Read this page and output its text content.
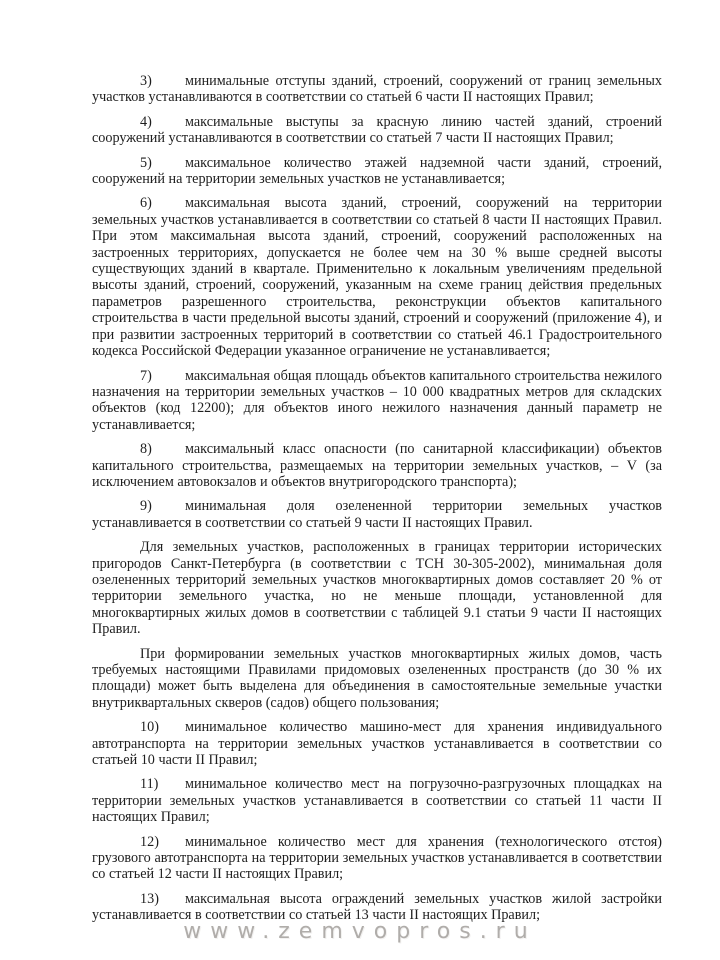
3) минимальные отступы зданий, строений, сооружений от границ земельных участков устанавливаются в соответствии со статьей 6 части II настоящих Правил;

4) максимальные выступы за красную линию частей зданий, строений сооружений устанавливаются в соответствии со статьей 7 части II настоящих Правил;

5) максимальное количество этажей надземной части зданий, строений, сооружений на территории земельных участков не устанавливается;

6) максимальная высота зданий, строений, сооружений на территории земельных участков устанавливается в соответствии со статьей 8 части II настоящих Правил. При этом максимальная высота зданий, строений, сооружений расположенных на застроенных территориях, допускается не более чем на 30 % выше средней высоты существующих зданий в квартале. Применительно к локальным увеличениям предельной высоты зданий, строений, сооружений, указанным на схеме границ действия предельных параметров разрешенного строительства, реконструкции объектов капитального строительства в части предельной высоты зданий, строений и сооружений (приложение 4), и при развитии застроенных территорий в соответствии со статьей 46.1 Градостроительного кодекса Российской Федерации указанное ограничение не устанавливается;

7) максимальная общая площадь объектов капитального строительства нежилого назначения на территории земельных участков – 10 000 квадратных метров для складских объектов (код 12200); для объектов иного нежилого назначения данный параметр не устанавливается;

8) максимальный класс опасности (по санитарной классификации) объектов капитального строительства, размещаемых на территории земельных участков, – V (за исключением автовокзалов и объектов внутригородского транспорта);

9) минимальная доля озелененной территории земельных участков устанавливается в соответствии со статьей 9 части II настоящих Правил.

Для земельных участков, расположенных в границах территории исторических пригородов Санкт-Петербурга (в соответствии с ТСН 30-305-2002), минимальная доля озелененных территорий земельных участков многоквартирных домов составляет 20 % от территории земельного участка, но не меньше площади, установленной для многоквартирных жилых домов в соответствии с таблицей 9.1 статьи 9 части II настоящих Правил.

При формировании земельных участков многоквартирных жилых домов, часть требуемых настоящими Правилами придомовых озелененных пространств (до 30 % их площади) может быть выделена для объединения в самостоятельные земельные участки внутриквартальных скверов (садов) общего пользования;

10) минимальное количество машино-мест для хранения индивидуального автотранспорта на территории земельных участков устанавливается в соответствии со статьей 10 части II Правил;

11) минимальное количество мест на погрузочно-разгрузочных площадках на территории земельных участков устанавливается в соответствии со статьей 11 части II настоящих Правил;

12) минимальное количество мест для хранения (технологического отстоя) грузового автотранспорта на территории земельных участков устанавливается в соответствии со статьей 12 части II настоящих Правил;

13) максимальная высота ограждений земельных участков жилой застройки устанавливается в соответствии со статьей 13 части II настоящих Правил;

www.zemvopros.ru
